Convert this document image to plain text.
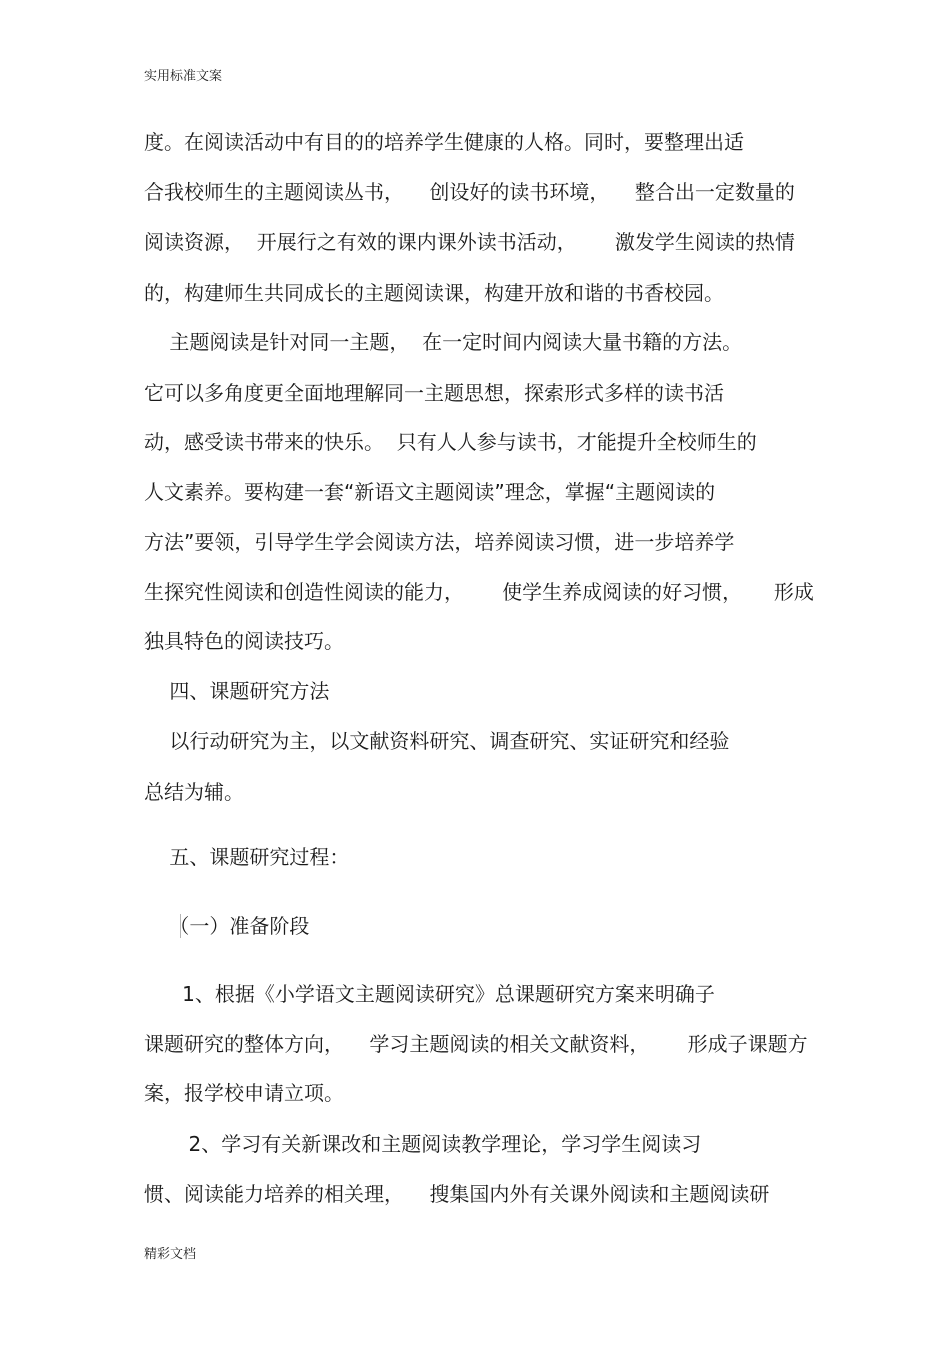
实用标准文案
度。在阅读活动中有目的的培养学生健康的人格。同时，要整理出适
合我校师生的主题阅读丛书，    创设好的读书环境，    整合出一定数量的
阅读资源，  开展行之有效的课内课外读书活动，      激发学生阅读的热情
的，构建师生共同成长的主题阅读课，构建开放和谐的书香校园。
主题阅读是针对同一主题，  在一定时间内阅读大量书籍的方法。
它可以多角度更全面地理解同一主题思想，探索形式多样的读书活
动，感受读书带来的快乐。  只有人人参与读书，才能提升全校师生的
人文素养。要构建一套“新语文主题阅读”理念，掌握“主题阅读的
方法”要领，引导学生学会阅读方法，培养阅读习惯，进一步培养学
生探究性阅读和创造性阅读的能力，      使学生养成阅读的好习惯，     形成
独具特色的阅读技巧。
四、课题研究方法
以行动研究为主，以文献资料研究、调查研究、实证研究和经验
总结为辅。
五、课题研究过程：
（一）准备阶段
1、根据《小学语文主题阅读研究》总课题研究方案来明确子
课题研究的整体方向，    学习主题阅读的相关文献资料，      形成子课题方
案，报学校申请立项。
2、学习有关新课改和主题阅读教学理论，学习学生阅读习
惯、阅读能力培养的相关理，    搜集国内外有关课外阅读和主题阅读研
精彩文档
